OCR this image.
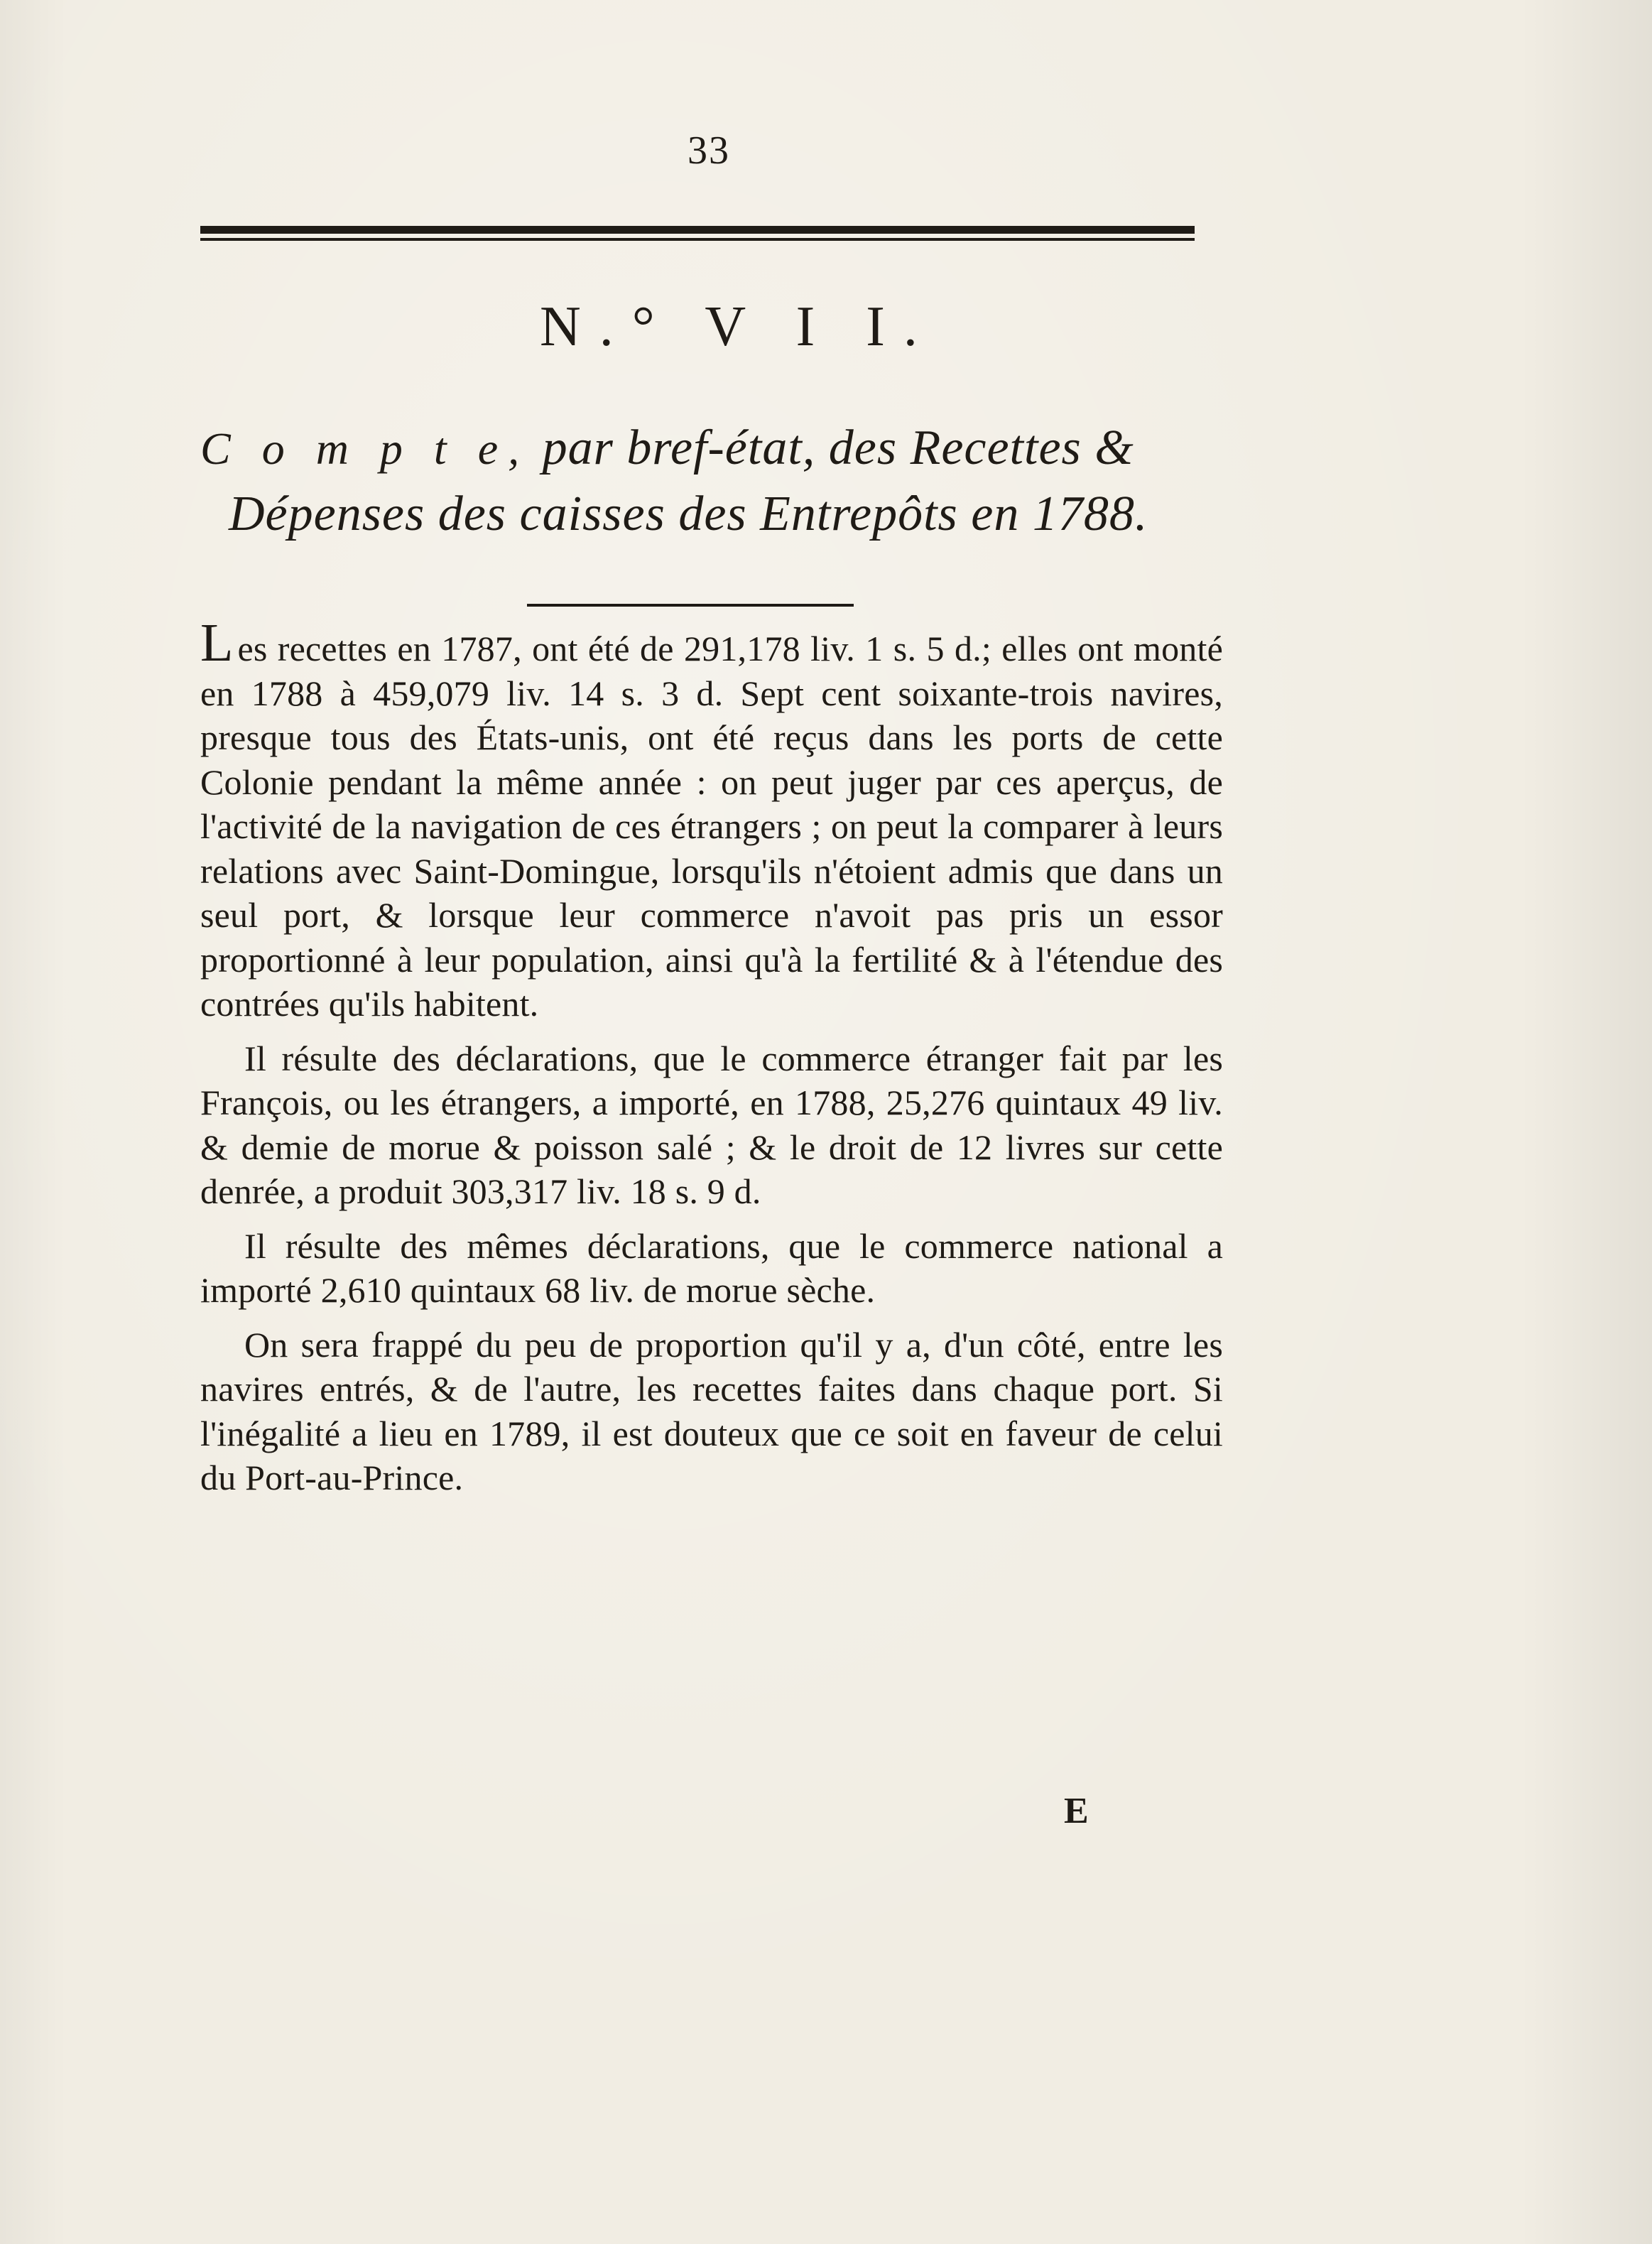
33
N.° V I I.
C o m p t e, par bref-état, des Recettes &
Dépenses des caisses des Entrepôts en 1788.

Les recettes en 1787, ont été de 291,178 liv. 1 s. 5 d.; elles ont monté en 1788 à 459,079 liv. 14 s. 3 d. Sept cent soixante-trois navires, presque tous des États-unis, ont été reçus dans les ports de cette Colonie pendant la même année : on peut juger par ces aperçus, de l'activité de la navigation de ces étrangers ; on peut la comparer à leurs relations avec Saint-Domingue, lorsqu'ils n'étoient admis que dans un seul port, & lorsque leur commerce n'avoit pas pris un essor proportionné à leur population, ainsi qu'à la fertilité & à l'étendue des contrées qu'ils habitent.

Il résulte des déclarations, que le commerce étranger fait par les François, ou les étrangers, a importé, en 1788, 25,276 quintaux 49 liv. & demie de morue & poisson salé ; & le droit de 12 livres sur cette denrée, a produit 303,317 liv. 18 s. 9 d.

Il résulte des mêmes déclarations, que le commerce national a importé 2,610 quintaux 68 liv. de morue sèche.

On sera frappé du peu de proportion qu'il y a, d'un côté, entre les navires entrés, & de l'autre, les recettes faites dans chaque port. Si l'inégalité a lieu en 1789, il est douteux que ce soit en faveur de celui du Port-au-Prince.

E
